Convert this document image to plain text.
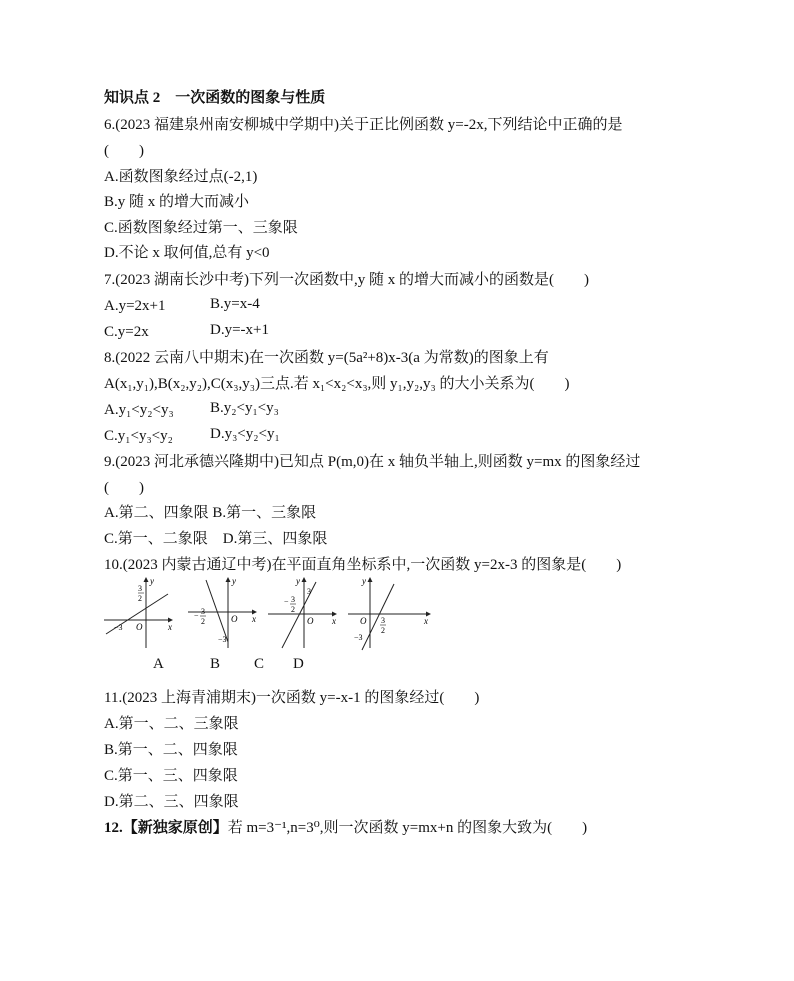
知识点 2　一次函数的图象与性质
6.(2023 福建泉州南安柳城中学期中)关于正比例函数 y=-2x,下列结论中正确的是
(　　)
A.函数图象经过点(-2,1)
B.y 随 x 的增大而减小
C.函数图象经过第一、三象限
D.不论 x 取何值,总有 y<0
7.(2023 湖南长沙中考)下列一次函数中,y 随 x 的增大而减小的函数是(　　)
A.y=2x+1	B.y=x-4
C.y=2x	D.y=-x+1
8.(2022 云南八中期末)在一次函数 y=(5a²+8)x-3(a 为常数)的图象上有
A(x₁,y₁),B(x₂,y₂),C(x₃,y₃)三点.若 x₁<x₂<x₃,则 y₁,y₂,y₃ 的大小关系为(　　)
A.y₁<y₂<y₃ B.y₂<y₁<y₃
C.y₁<y₃<y₂ D.y₃<y₂<y₁
9.(2023 河北承德兴隆期中)已知点 P(m,0)在 x 轴负半轴上,则函数 y=mx 的图象经过
(　　)
A.第二、四象限 B.第一、三象限
C.第一、二象限　D.第三、四象限
10.(2023 内蒙古通辽中考)在平面直角坐标系中,一次函数 y=2x-3 的图象是(　　)
y
x
O
3
2
−3
y
x
O
− 3
2
−3
y
x
O
3
− 3
2
y
x
O 3
2
−3
A	B C D
11.(2023 上海青浦期末)一次函数 y=-x-1 的图象经过(　　)
A.第一、二、三象限
B.第一、二、四象限
C.第一、三、四象限
D.第二、三、四象限
12.【新独家原创】若 m=3⁻¹,n=3⁰,则一次函数 y=mx+n 的图象大致为(　　)
